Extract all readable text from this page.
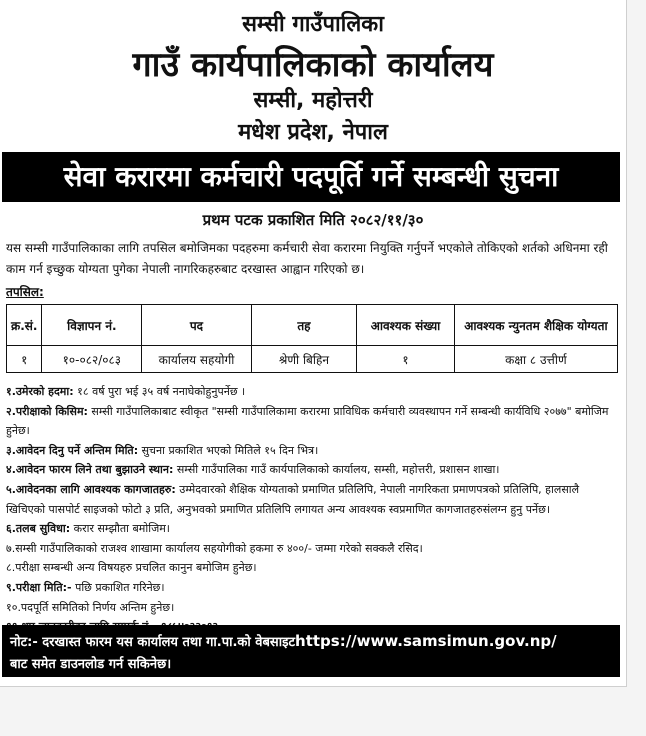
सम्सी गाउँपालिका
गाउँ कार्यपालिकाको कार्यालय
सम्सी, महोत्तरी
मधेश प्रदेश, नेपाल
सेवा करारमा कर्मचारी पदपूर्ति गर्ने सम्बन्धी सुचना
प्रथम पटक प्रकाशित मिति २०८२/११/३०
यस सम्सी गाउँपालिकाका लागि तपसिल बमोजिमका पदहरुमा कर्मचारी सेवा करारमा नियुक्ति गर्नुपर्ने भएकोले तोकिएको शर्तको अधिनमा रही काम गर्न इच्छुक योग्यता पुगेका नेपाली नागरिकहरुबाट दरखास्त आह्वान गरिएको छ।
तपसिल:
क्र.सं.	विज्ञापन नं.	पद	तह	आवश्यक संख्या	आवश्यक न्युनतम शैक्षिक योग्यता
१	१०-०८२/०८३	कार्यालय सहयोगी	श्रेणी बिहिन	१	कक्षा ८ उत्तीर्ण
१.उमेरको हदमा: १८ वर्ष पुरा भई ३५ वर्ष ननाघेकोहुनुपर्नेछ ।
२.परीक्षाको किसिम: सम्सी गाउँपालिकाबाट स्वीकृत "सम्सी गाउँपालिकामा करारमा प्राविधिक कर्मचारी व्यवस्थापन गर्ने सम्बन्धी कार्यविधि २०७७" बमोजिम हुनेछ।
३.आवेदन दिनु पर्ने अन्तिम मिति: सुचना प्रकाशित भएको मितिले १५ दिन भित्र।
४.आवेदन फारम लिने तथा बुझाउने स्थान: सम्सी गाउँपालिका गाउँ कार्यपालिकाको कार्यालय, सम्सी, महोत्तरी, प्रशासन शाखा।
५.आवेदनका लागि आवश्यक कागजातहरु: उम्मेदवारको शैक्षिक योग्यताको प्रमाणित प्रतिलिपि, नेपाली नागरिकता प्रमाणपत्रको प्रतिलिपि, हालसालै खिचिएको पासपोर्ट साइजको फोटो ३ प्रति, अनुभवको प्रमाणित प्रतिलिपि लगायत अन्य आवश्यक स्वप्रमाणित कागजातहरुसंलग्न हुनु पर्नेछ।
६.तलब सुविधा: करार सम्झौता बमोजिम।
७.सम्सी गाउँपालिकाको राजश्व शाखामा कार्यालय सहयोगीको हकमा रु ४००/- जम्मा गरेको सक्कलै रसिद।
८.परीक्षा सम्बन्धी अन्य विषयहरु प्रचलित कानुन बमोजिम हुनेछ।
९.परीक्षा मिति:- पछि प्रकाशित गरिनेछ।
१०.पदपूर्ति समितिको निर्णय अन्तिम हुनेछ।
नोट:- दरखास्त फारम यस कार्यालय तथा गा.पा.को वेबसाइटhttps://www.samsimun.gov.np/
बाट समेत डाउनलोड गर्न सकिनेछ।
